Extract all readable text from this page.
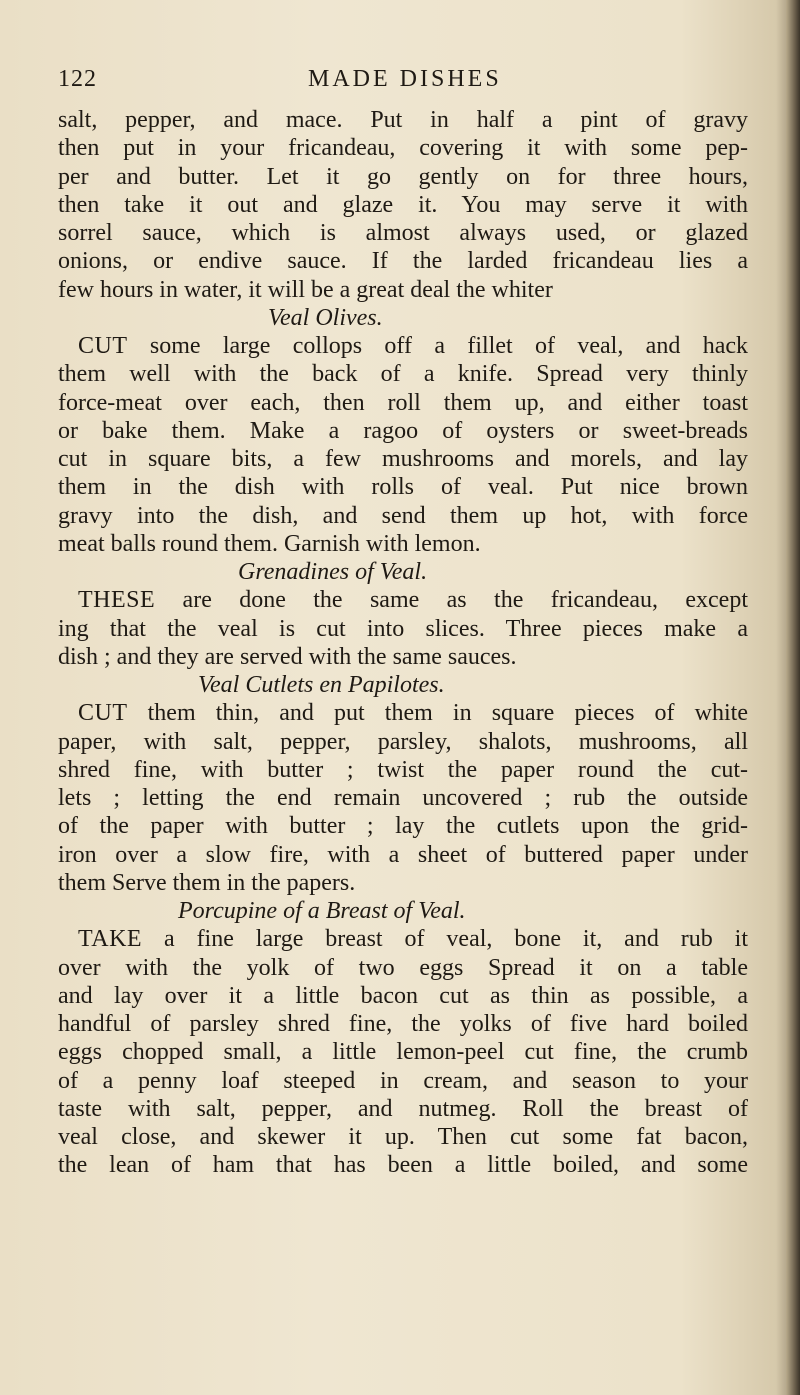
122	MADE DISHES
salt, pepper, and mace. Put in half a pint of gravy
then put in your fricandeau, covering it with some pep-
per and butter. Let it go gently on for three hours,
then take it out and glaze it. You may serve it with
sorrel sauce, which is almost always used, or glazed
onions, or endive sauce. If the larded fricandeau lies a
few hours in water, it will be a great deal the whiter
Veal Olives.
CUT some large collops off a fillet of veal, and hack
them well with the back of a knife. Spread very thinly
force-meat over each, then roll them up, and either toast
or bake them. Make a ragoo of oysters or sweet-breads
cut in square bits, a few mushrooms and morels, and lay
them in the dish with rolls of veal. Put nice brown
gravy into the dish, and send them up hot, with force
meat balls round them. Garnish with lemon.
Grenadines of Veal.
THESE are done the same as the fricandeau, except
ing that the veal is cut into slices. Three pieces make a
dish ; and they are served with the same sauces.
Veal Cutlets en Papilotes.
CUT them thin, and put them in square pieces of white
paper, with salt, pepper, parsley, shalots, mushrooms, all
shred fine, with butter ; twist the paper round the cut-
lets ; letting the end remain uncovered ; rub the outside
of the paper with butter ; lay the cutlets upon the grid-
iron over a slow fire, with a sheet of buttered paper under
them Serve them in the papers.
Porcupine of a Breast of Veal.
TAKE a fine large breast of veal, bone it, and rub it
over with the yolk of two eggs Spread it on a table
and lay over it a little bacon cut as thin as possible, a
handful of parsley shred fine, the yolks of five hard boiled
eggs chopped small, a little lemon-peel cut fine, the crumb
of a penny loaf steeped in cream, and season to your
taste with salt, pepper, and nutmeg. Roll the breast of
veal close, and skewer it up. Then cut some fat bacon,
the lean of ham that has been a little boiled, and some
